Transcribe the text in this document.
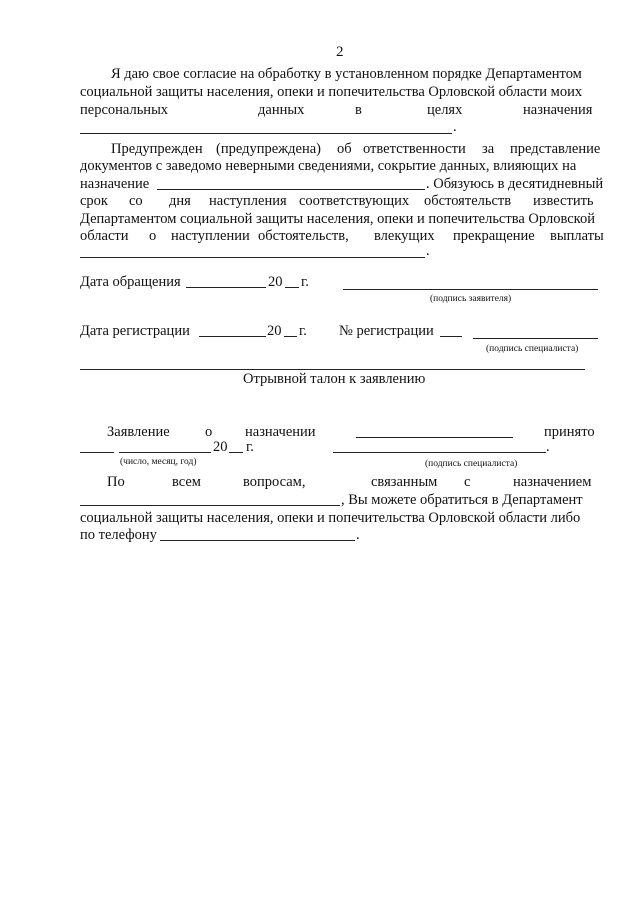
2
Я даю свое согласие на обработку в установленном порядке Департаментом
социальной защиты населения, опеки и попечительства Орловской области моих
персональных	данных	в	целях	назначения
.
Предупрежден (предупреждена) об ответственности за представление
документов с заведомо неверными сведениями, сокрытие данных, влияющих на
назначение	. Обязуюсь в десятидневный
срок со дня наступления соответствующих обстоятельств известить
Департаментом социальной защиты населения, опеки и попечительства Орловской
области о наступлении обстоятельств, влекущих прекращение выплаты
.
Дата обращения	20 г.
(подпись заявителя)
Дата регистрации	20 г. № регистрации
(подпись специалиста)
Отрывной талон к заявлению
Заявление о назначении	принято
20 г.	.
(число, месяц, год)	(подпись специалиста)
По	всем	вопросам,	связанным с	назначением
, Вы можете обратиться в Департамент
социальной защиты населения, опеки и попечительства Орловской области либо
по телефону	.
